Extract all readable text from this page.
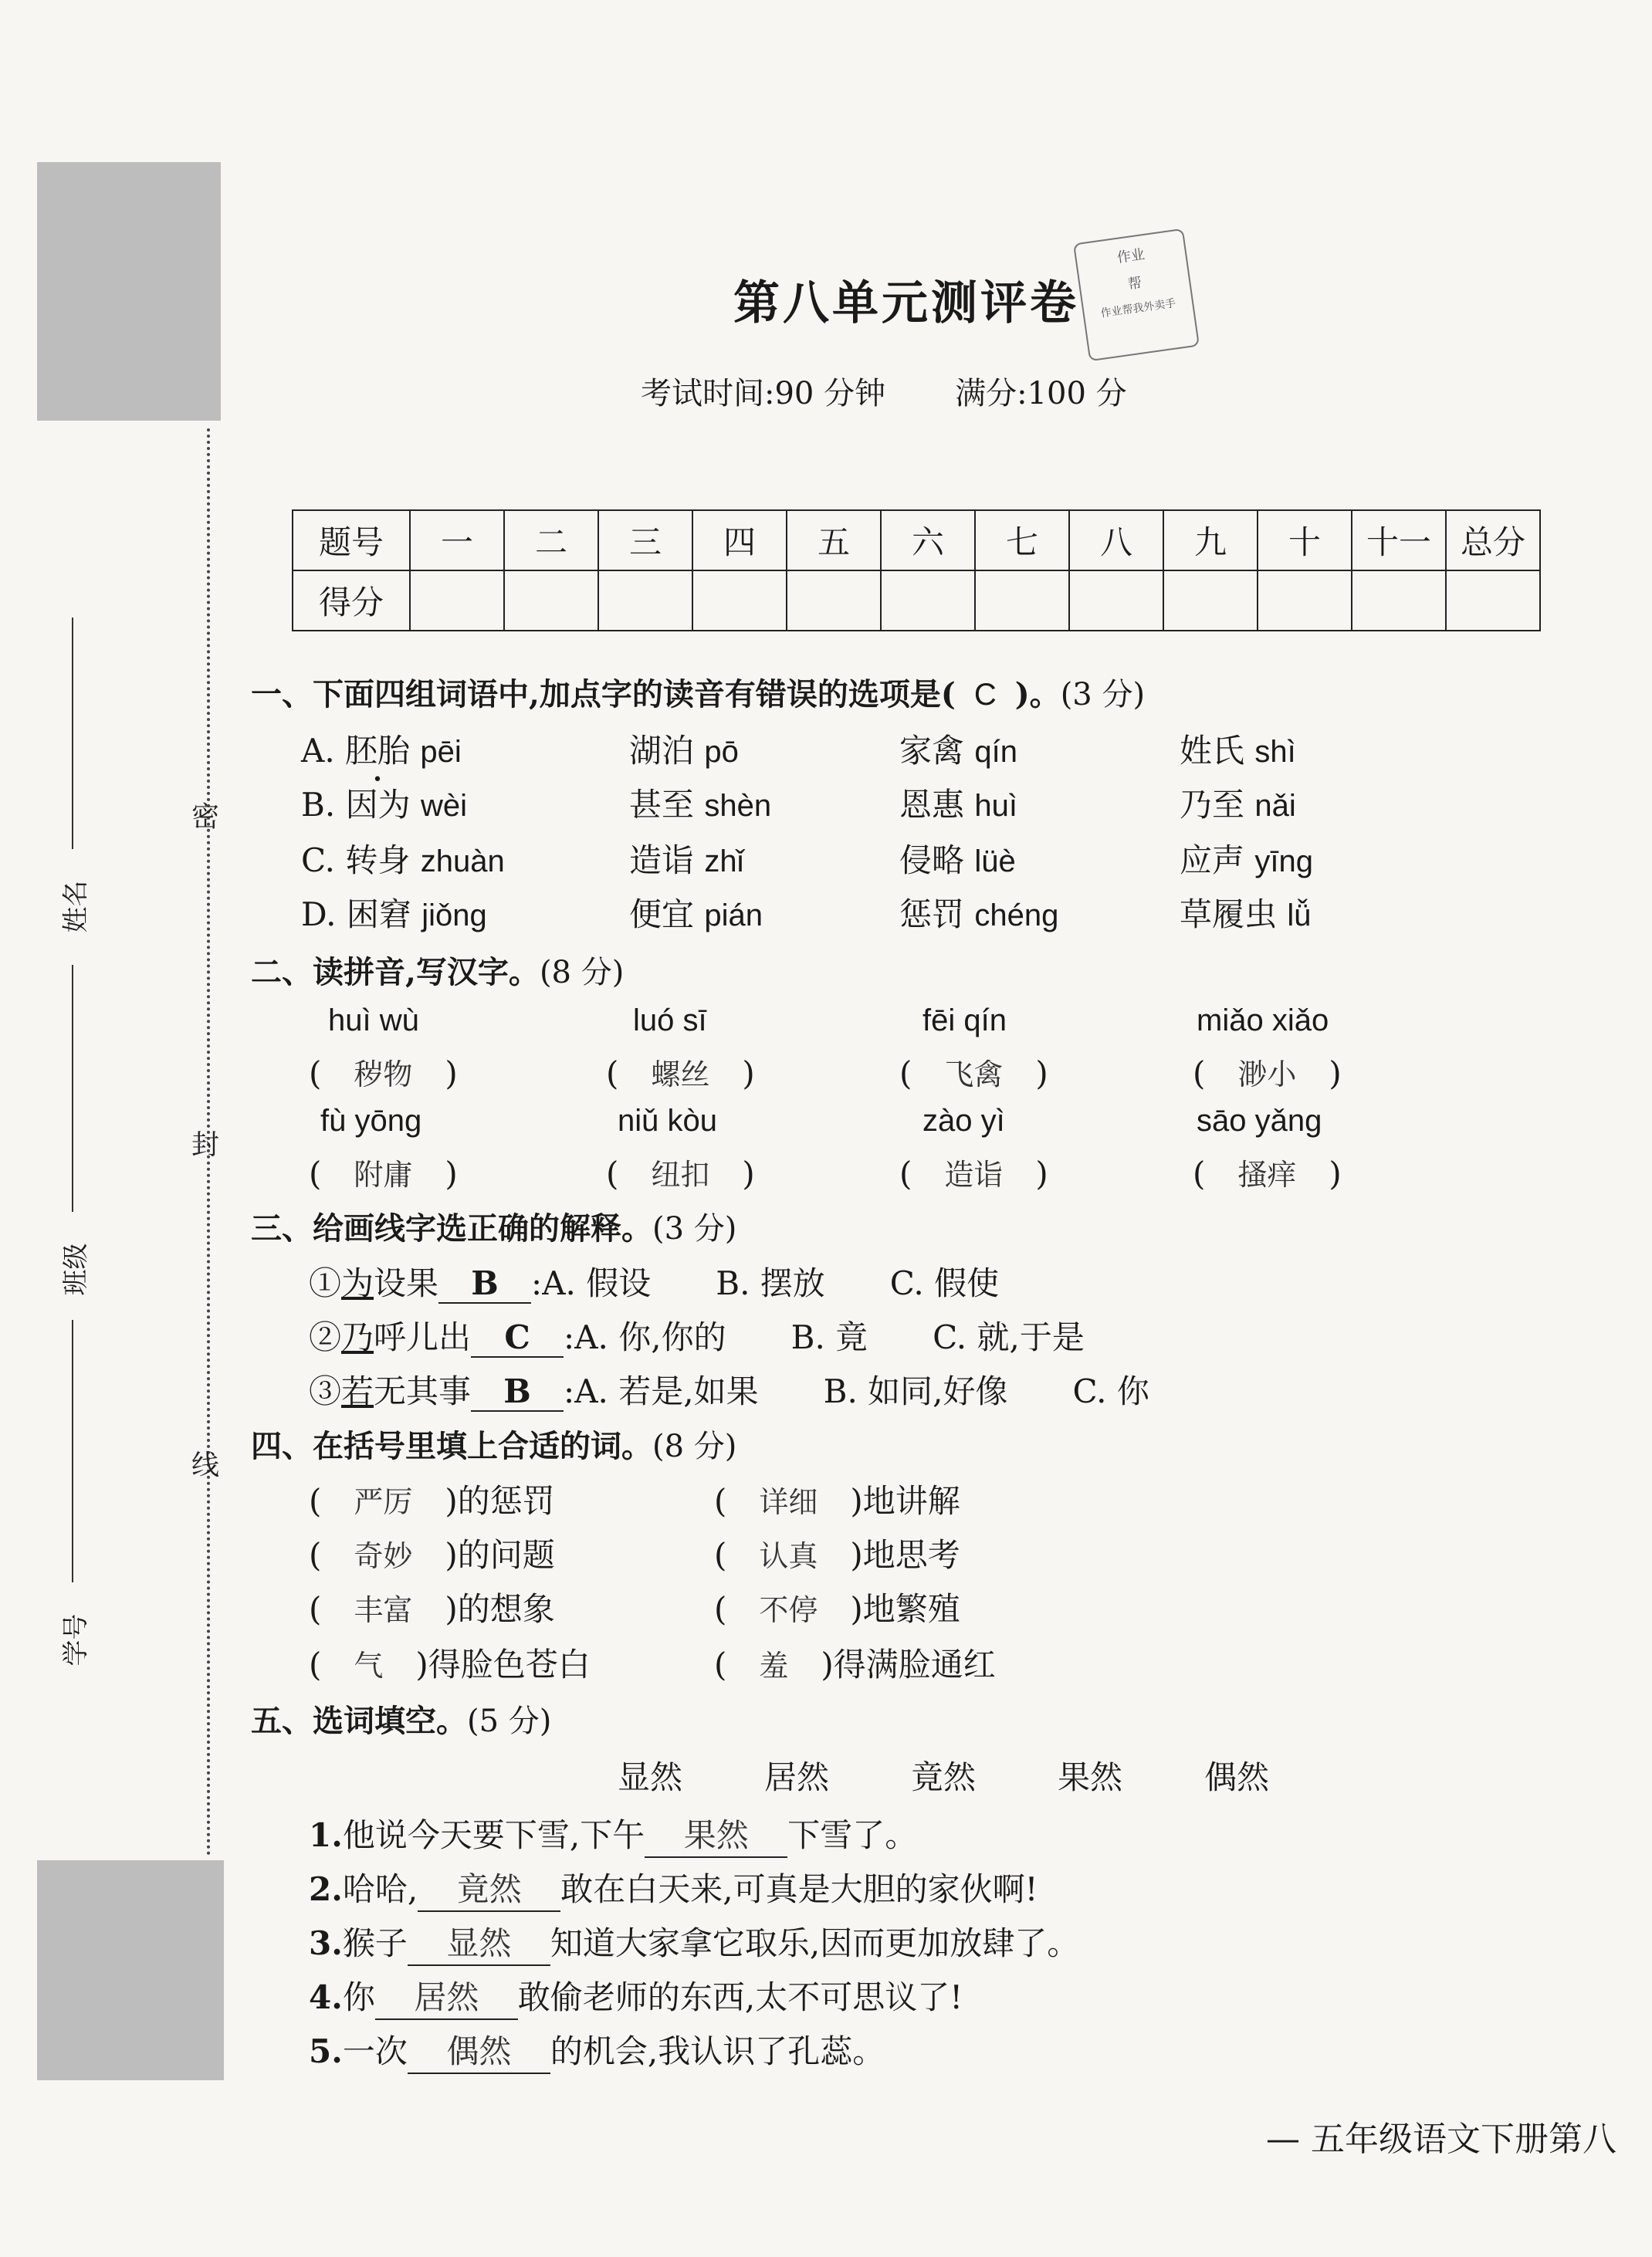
密
封
线
姓名
班级
学号
第八单元测评卷
作业
帮
作业帮我外卖手
考试时间:90 分钟 满分:100 分
题号	一	二	三	四	五	六	七	八	九	十	十一	总分
得分												
一、下面四组词语中,加点字的读音有错误的选项是( C )。(3 分)
A. 胚胎 pēi	湖泊 pō	家禽 qín	姓氏 shì
B. 因为 wèi	甚至 shèn	恩惠 huì	乃至 nǎi
C. 转身 zhuàn	造诣 zhǐ	侵略 lüè	应声 yīng
D. 困窘 jiǒng	便宜 pián	惩罚 chéng	草履虫 lǚ
二、读拼音,写汉字。(8 分)
huì wù	luó sī	fēi qín	miǎo xiǎo
(　秽物　)	(　螺丝　)	(　飞禽　)	(　渺小　)
fù yōng	niǔ kòu	zào yì	sāo yǎng
(　附庸　)	(　纽扣　)	(　造诣　)	(　搔痒　)
三、给画线字选正确的解释。(3 分)
①为设果 B :A. 假设　　B. 摆放　　C. 假使
②乃呼儿出 C :A. 你,你的　　B. 竟　　C. 就,于是
③若无其事 B :A. 若是,如果　　B. 如同,好像　　C. 你
四、在括号里填上合适的词。(8 分)
(　严厉　 )的惩罚	(　详细　 )地讲解
(　奇妙　 )的问题	(　认真　 )地思考
(　丰富　 )的想象	(　不停　 )地繁殖
(　气　 )得脸色苍白	(　羞　 )得满脸通红
五、选词填空。(5 分)
显然	居然	竟然	果然	偶然
1.他说今天要下雪,下午 果然 下雪了。
2.哈哈, 竟然 敢在白天来,可真是大胆的家伙啊!
3.猴子 显然 知道大家拿它取乐,因而更加放肆了。
4.你 居然 敢偷老师的东西,太不可思议了!
5.一次 偶然 的机会,我认识了孔蕊。
— 五年级语文下册第八
